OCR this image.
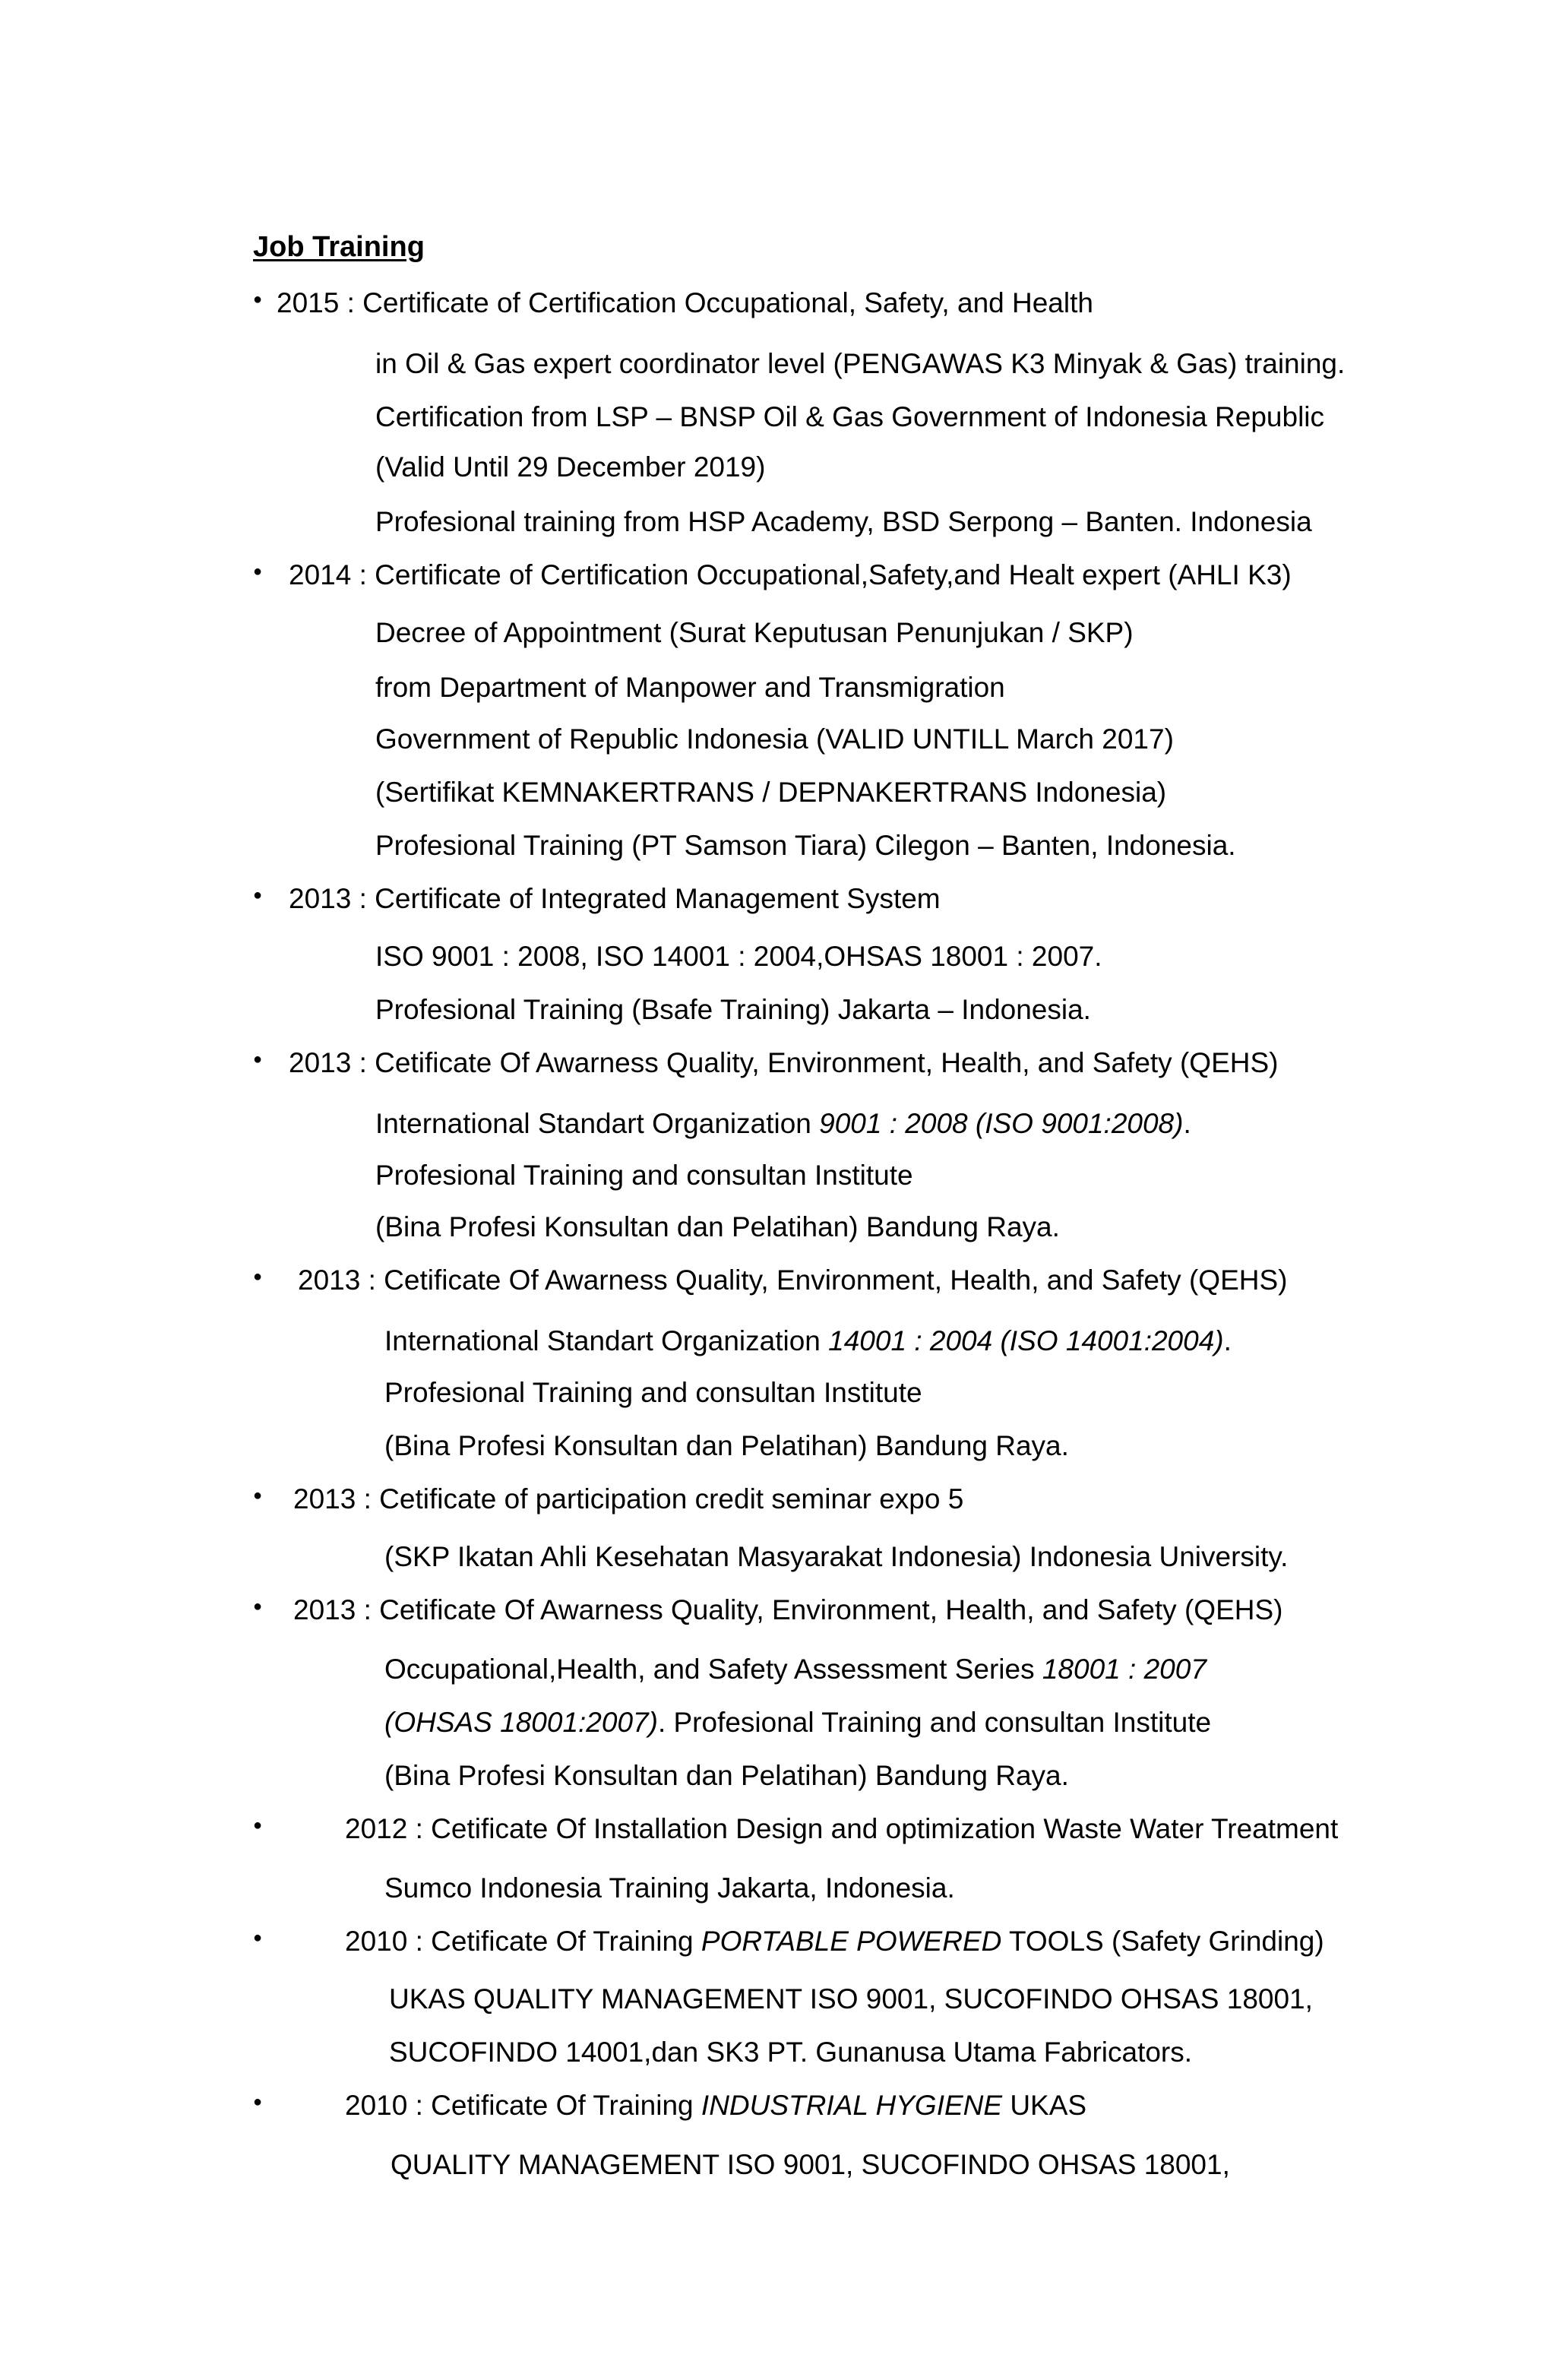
Job Training
● 2015 : Certificate of Certification Occupational, Safety, and Health
in Oil & Gas expert coordinator level (PENGAWAS K3 Minyak & Gas) training.
Certification from LSP – BNSP Oil & Gas Government of Indonesia Republic
(Valid Until 29 December 2019)
Profesional training from HSP Academy, BSD Serpong – Banten. Indonesia
● 2014 : Certificate of Certification Occupational,Safety,and Healt expert (AHLI K3)
Decree of Appointment (Surat Keputusan Penunjukan / SKP)
from Department of Manpower and Transmigration
Government of Republic Indonesia (VALID UNTILL March 2017)
(Sertifikat KEMNAKERTRANS / DEPNAKERTRANS Indonesia)
Profesional Training (PT Samson Tiara) Cilegon – Banten, Indonesia.
● 2013 : Certificate of Integrated Management System
ISO 9001 : 2008, ISO 14001 : 2004,OHSAS 18001 : 2007.
Profesional Training (Bsafe Training) Jakarta – Indonesia.
● 2013 : Cetificate Of Awarness Quality, Environment, Health, and Safety (QEHS)
International Standart Organization 9001 : 2008 (ISO 9001:2008).
Profesional Training and consultan Institute
(Bina Profesi Konsultan dan Pelatihan) Bandung Raya.
● 2013 : Cetificate Of Awarness Quality, Environment, Health, and Safety (QEHS)
International Standart Organization 14001 : 2004 (ISO 14001:2004).
Profesional Training and consultan Institute
(Bina Profesi Konsultan dan Pelatihan) Bandung Raya.
● 2013 : Cetificate of participation credit seminar expo 5
(SKP Ikatan Ahli Kesehatan Masyarakat Indonesia) Indonesia University.
● 2013 : Cetificate Of Awarness Quality, Environment, Health, and Safety (QEHS)
Occupational,Health, and Safety Assessment Series 18001 : 2007
(OHSAS 18001:2007). Profesional Training and consultan Institute
(Bina Profesi Konsultan dan Pelatihan) Bandung Raya.
●	2012 : Cetificate Of Installation Design and optimization Waste Water Treatment
Sumco Indonesia Training Jakarta, Indonesia.
●	2010 : Cetificate Of Training PORTABLE POWERED TOOLS (Safety Grinding)
UKAS QUALITY MANAGEMENT ISO 9001, SUCOFINDO OHSAS 18001,
SUCOFINDO 14001,dan SK3 PT. Gunanusa Utama Fabricators.
●	2010 : Cetificate Of Training INDUSTRIAL HYGIENE UKAS
QUALITY MANAGEMENT ISO 9001, SUCOFINDO OHSAS 18001,
